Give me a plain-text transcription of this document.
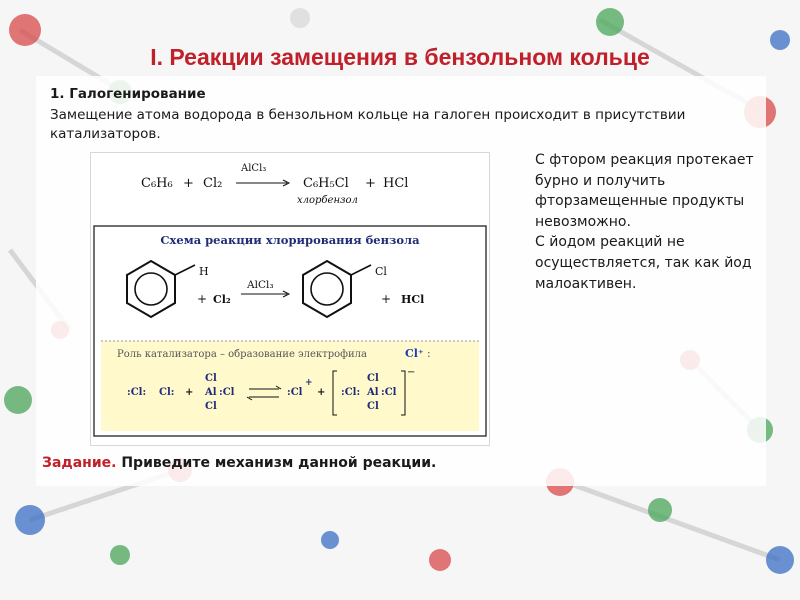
I. Реакции замещения в бензольном кольце
1. Галогенирование
Замещение атома водорода в бензольном кольце на галоген происходит в присутствии катализаторов.
C₆H₆ + Cl₂
AlCl₃
C₆H₅Cl + HCl
хлорбензол
Схема реакции хлорирования бензола
H
+ Cl₂
AlCl₃
Cl
+ HCl
Роль катализатора – образование электрофила	Cl⁺ :
:Cl: Cl: +
Cl
Al :Cl
Cl
:Cl
+
+ :Cl:
Cl
Al :Cl
Cl
−

С фтором реакция протекает бурно и получить фторзамещенные продукты невозможно.

С йодом реакций не осуществляется, так как йод малоактивен.

Задание. Приведите механизм данной реакции.
